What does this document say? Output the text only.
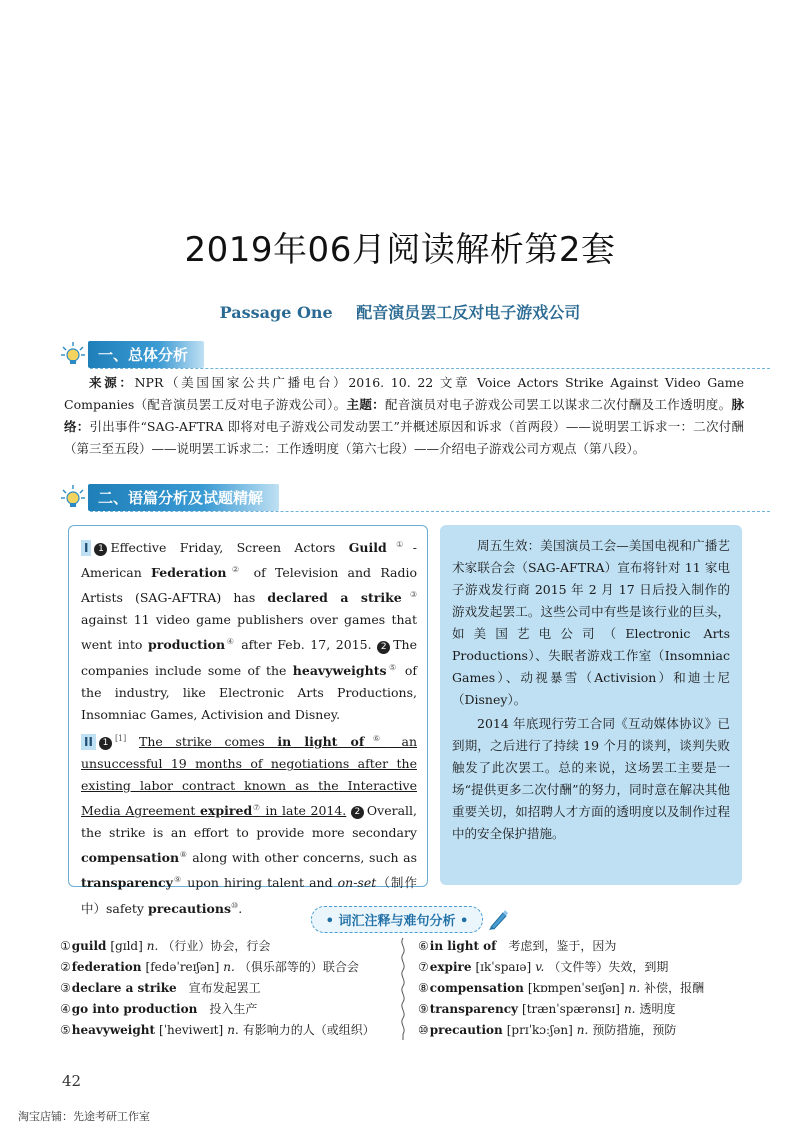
2019年06月阅读解析第2套
Passage One 配音演员罢工反对电子游戏公司
一、总体分析
来源：NPR（美国国家公共广播电台）2016. 10. 22 文章 Voice Actors Strike Against Video Game Companies（配音演员罢工反对电子游戏公司）。主题：配音演员对电子游戏公司罢工以谋求二次付酬及工作透明度。脉络：引出事件“SAG-AFTRA 即将对电子游戏公司发动罢工”并概述原因和诉求（首两段）——说明罢工诉求一：二次付酬（第三至五段）——说明罢工诉求二：工作透明度（第六七段）——介绍电子游戏公司方观点（第八段）。
二、语篇分析及试题精解
I 1 Effective Friday, Screen Actors Guild①-American Federation② of Television and Radio Artists (SAG-AFTRA) has declared a strike③ against 11 video game publishers over games that went into production④ after Feb. 17, 2015. 2 The companies include some of the heavyweights⑤ of the industry, like Electronic Arts Productions, Insomniac Games, Activision and Disney.
II 1 [1] The strike comes in light of⑥ an unsuccessful 19 months of negotiations after the existing labor contract known as the Interactive Media Agreement expired⑦ in late 2014. 2 Overall, the strike is an effort to provide more secondary compensation⑧ along with other concerns, such as transparency⑨ upon hiring talent and on-set（制作中）safety precautions⑩.
周五生效：美国演员工会—美国电视和广播艺术家联合会（SAG-AFTRA）宣布将针对 11 家电子游戏发行商 2015 年 2 月 17 日后投入制作的游戏发起罢工。这些公司中有些是该行业的巨头，如美国艺电公司（Electronic Arts Productions）、失眠者游戏工作室（Insomniac Games）、动视暴雪（Activision）和迪士尼（Disney）。
2014 年底现行劳工合同《互动媒体协议》已到期，之后进行了持续 19 个月的谈判，谈判失败触发了此次罢工。总的来说，这场罢工主要是一场“提供更多二次付酬”的努力，同时意在解决其他重要关切，如招聘人才方面的透明度以及制作过程中的安全保护措施。
• 词汇注释与难句分析 •
①guild [gɪld] n. （行业）协会，行会
②federation [fedəˈreɪʃən] n. （俱乐部等的）联合会
③declare a strike 宣布发起罢工
④go into production 投入生产
⑤heavyweight [ˈheviweɪt] n. 有影响力的人（或组织）
⑥in light of 考虑到，鉴于，因为
⑦expire [ɪkˈspaɪə] v. （文件等）失效，到期
⑧compensation [kɒmpenˈseɪʃən] n. 补偿，报酬
⑨transparency [trænˈspærənsɪ] n. 透明度
⑩precaution [prɪˈkɔːʃən] n. 预防措施，预防
42
淘宝店铺：先途考研工作室
